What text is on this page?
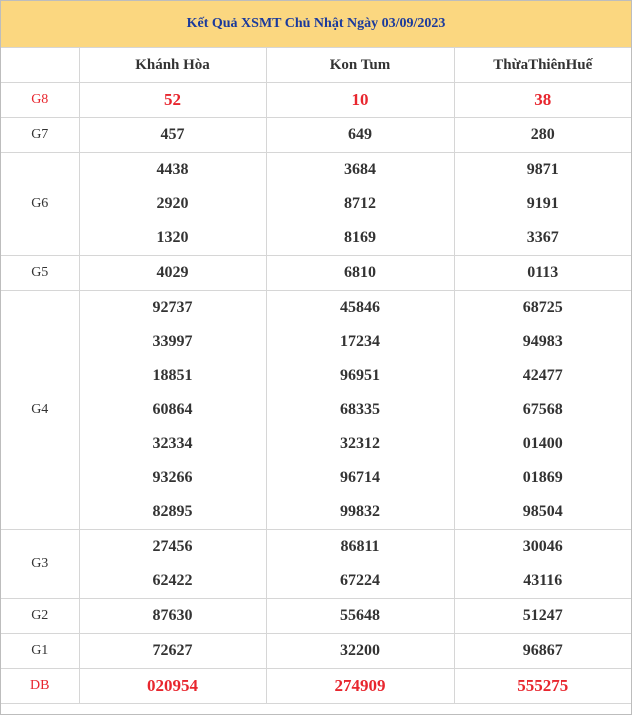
Kết Quả XSMT Chủ Nhật Ngày 03/09/2023
	Khánh Hòa	Kon Tum	ThừaThiênHuế
G8	52	10	38
G7	457	649	280
G6	4438	3684	9871
	2920	8712	9191
	1320	8169	3367
G5	4029	6810	0113
G4	92737	45846	68725
	33997	17234	94983
	18851	96951	42477
	60864	68335	67568
	32334	32312	01400
	93266	96714	01869
	82895	99832	98504
G3	27456	86811	30046
	62422	67224	43116
G2	87630	55648	51247
G1	72627	32200	96867
DB	020954	274909	555275
